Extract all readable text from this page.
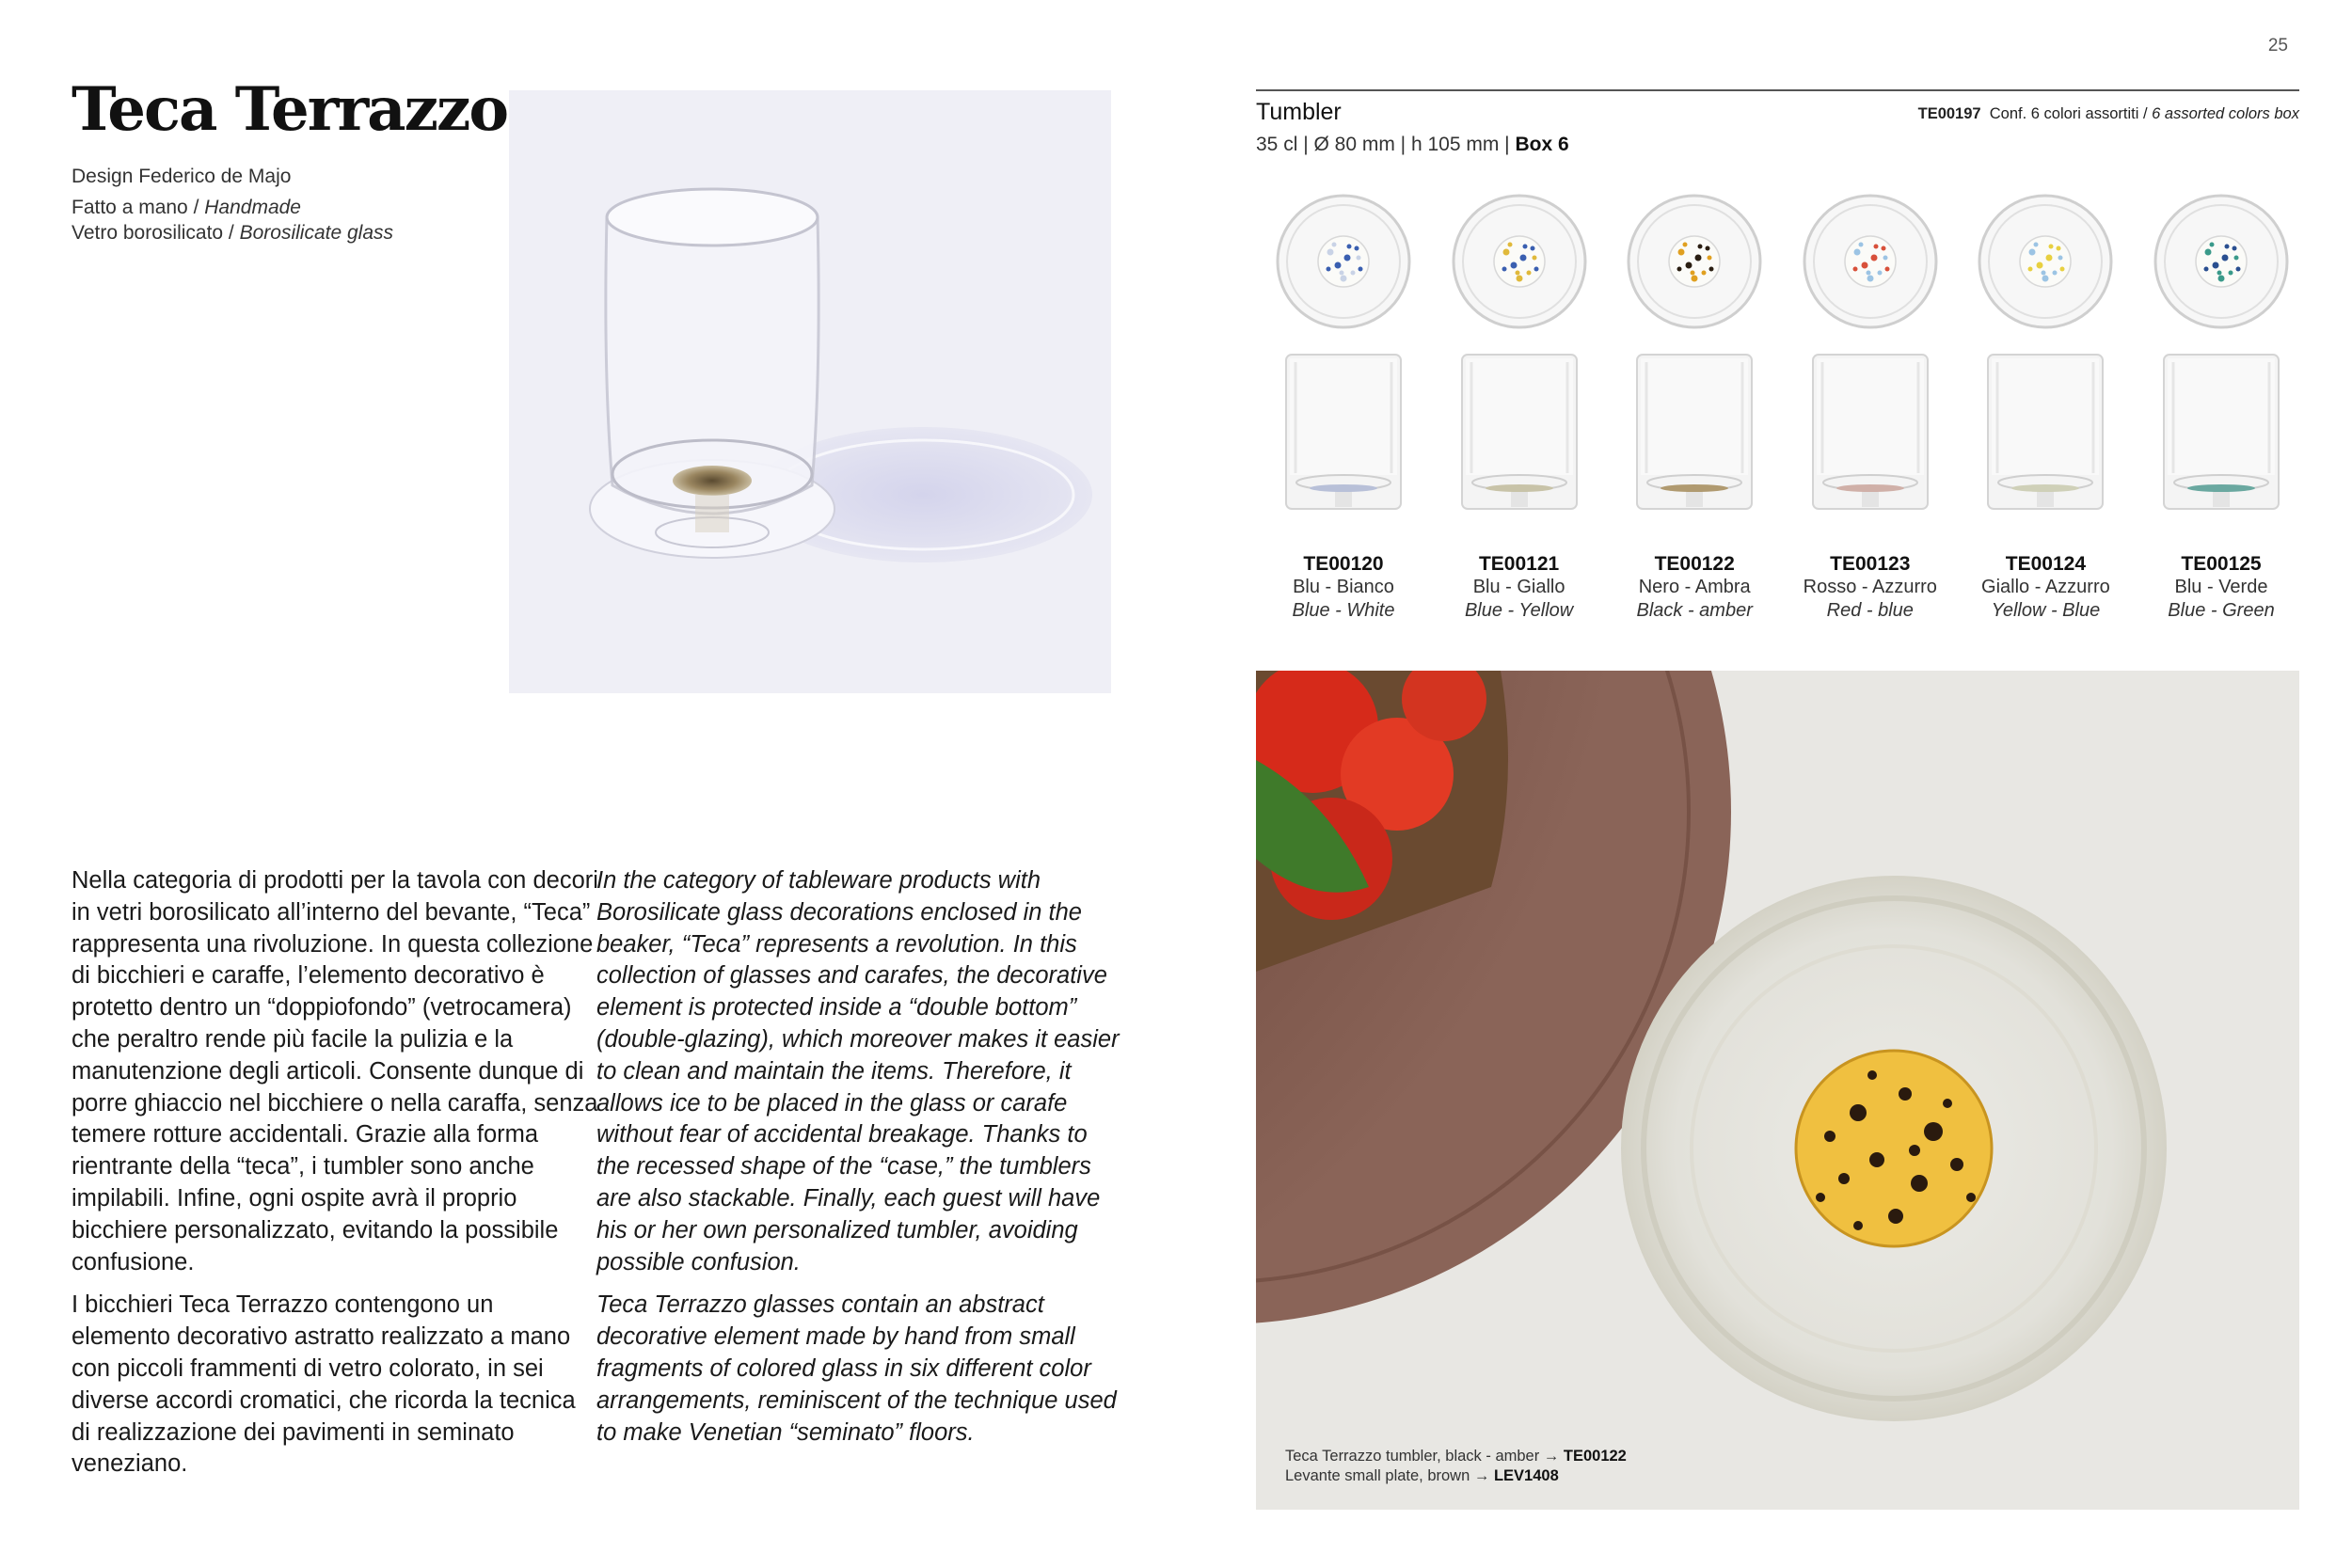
25
Teca Terrazzo
Design Federico de Majo
Fatto a mano / Handmade
Vetro borosilicato / Borosilicate glass

Nella categoria di prodotti per la tavola con decori in vetri borosilicato all’interno del bevante, “Teca” rappresenta una rivoluzione. In questa collezione di bicchieri e caraffe, l’elemento decorativo è protetto dentro un “doppiofondo” (vetrocamera) che peraltro rende più facile la pulizia e la manutenzione degli articoli. Consente dunque di porre ghiaccio nel bicchiere o nella caraffa, senza temere rotture accidentali. Grazie alla forma rientrante della “teca”, i tumbler sono anche impilabili. Infine, ogni ospite avrà il proprio bicchiere personalizzato, evitando la possibile confusione.

I bicchieri Teca Terrazzo contengono un elemento decorativo astratto realizzato a mano con piccoli frammenti di vetro colorato, in sei diverse accordi cromatici, che ricorda la tecnica di realizzazione dei pavimenti in seminato veneziano.

In the category of tableware products with Borosilicate glass decorations enclosed in the beaker, “Teca” represents a revolution. In this collection of glasses and carafes, the decorative element is protected inside a “double bottom” (double-glazing), which moreover makes it easier to clean and maintain the items. Therefore, it allows ice to be placed in the glass or carafe without fear of accidental breakage. Thanks to the recessed shape of the “case,” the tumblers are also stackable. Finally, each guest will have his or her own personalized tumbler, avoiding possible confusion.

Teca Terrazzo glasses contain an abstract decorative element made by hand from small fragments of colored glass in six different color arrangements, reminiscent of the technique used to make Venetian “seminato” floors.

Tumbler
35 cl | Ø 80 mm | h 105 mm | Box 6
TE00197 Conf. 6 colori assortiti / 6 assorted colors box
TE00120
Blu - Bianco
Blue - White
TE00121
Blu - Giallo
Blue - Yellow
TE00122
Nero - Ambra
Black - amber
TE00123
Rosso - Azzurro
Red - blue
TE00124
Giallo - Azzurro
Yellow - Blue
TE00125
Blu - Verde
Blue - Green
Teca Terrazzo tumbler, black - amber → TE00122
Levante small plate, brown → LEV1408
